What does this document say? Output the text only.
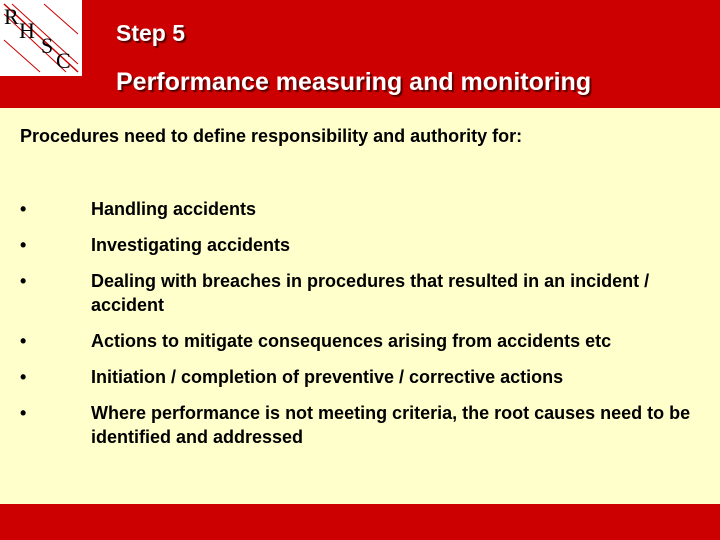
R
H
S
C
Step 5
Performance measuring and monitoring
Procedures need to define responsibility and authority for:
•	Handling accidents
•	Investigating accidents
•	Dealing with breaches in procedures that resulted in an incident / accident
•	Actions to mitigate consequences arising from accidents etc
•	Initiation / completion of preventive / corrective actions
•	Where performance is not meeting criteria, the root causes need to be identified and addressed
